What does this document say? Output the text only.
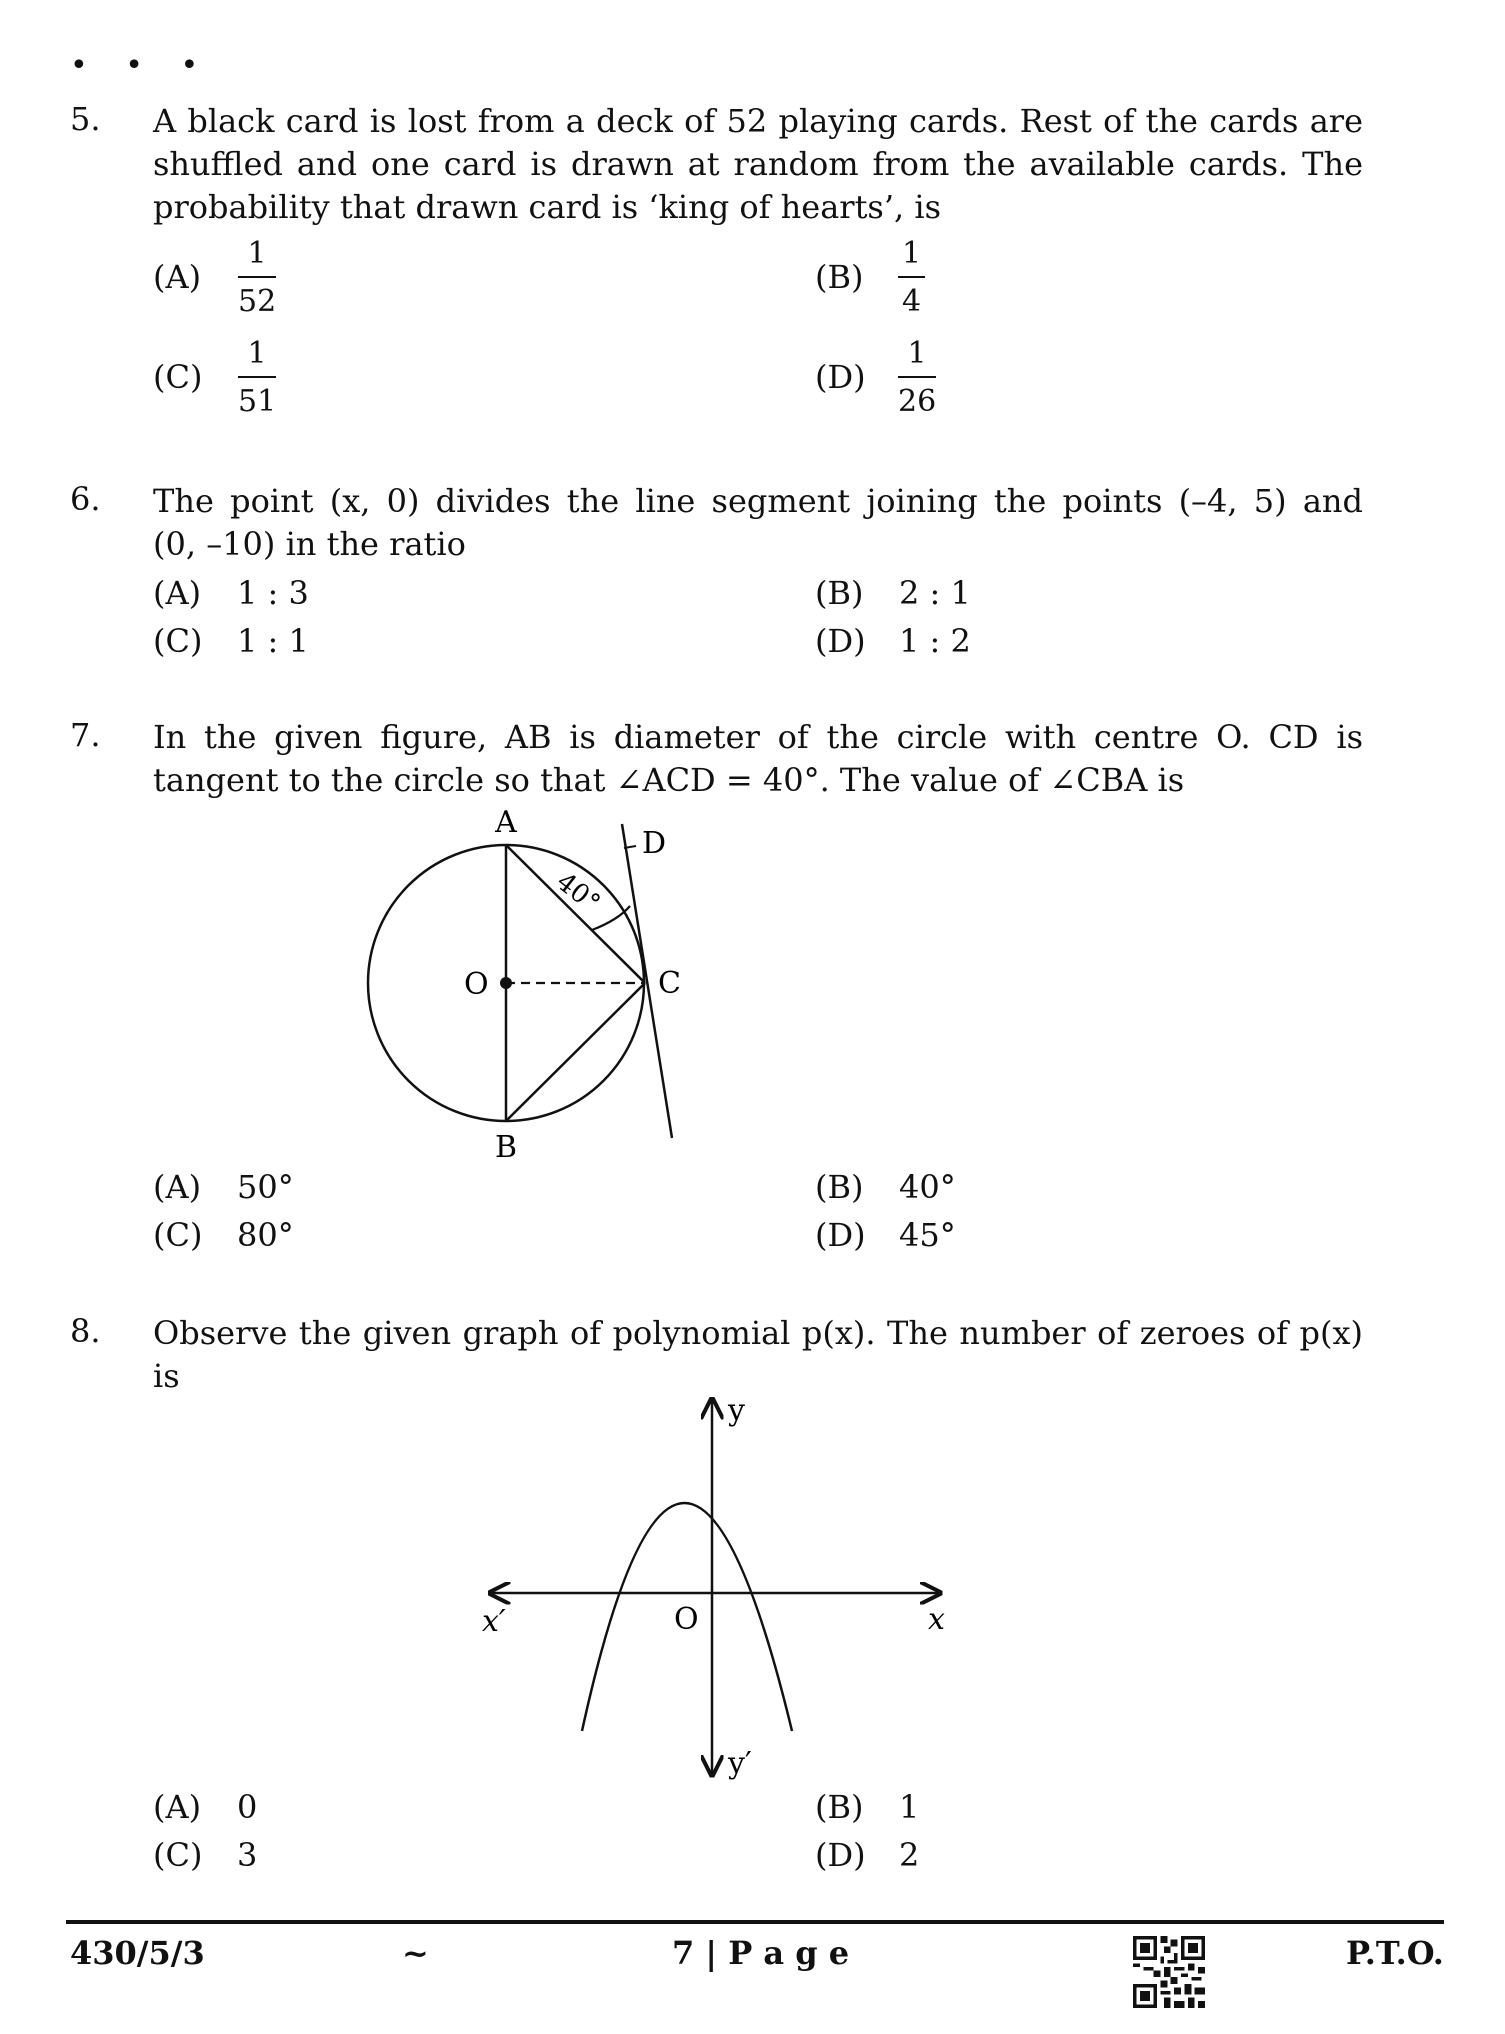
• • •
5. A black card is lost from a deck of 52 playing cards. Rest of the cards are
shuffled and one card is drawn at random from the available cards. The
probability that drawn card is ‘king of hearts’, is
$(A) \frac{1}{52}$	$(B) \frac{1}{4}$
$(C) \frac{1}{51}$	$(D) \frac{1}{26}$
6. The point (x, 0) divides the line segment joining the points (–4, 5) and
(0, –10) in the ratio
(A) 1 : 3	(B) 2 : 1
(C) 1 : 1	(D) 1 : 2
7. In the given figure, AB is diameter of the circle with centre O. CD is
tangent to the circle so that ∠ACD = 40°. The value of ∠CBA is
A
B
C
D
O
40°
(A) 50°	(B) 40°
(C) 80°	(D) 45°
8. Observe the given graph of polynomial p(x). The number of zeroes of p(x)
is
y
y′
x
x′	O
(A) 0	(B) 1
(C) 3	(D) 2
430/5/3	~	7 | P a g e	P.T.O.
